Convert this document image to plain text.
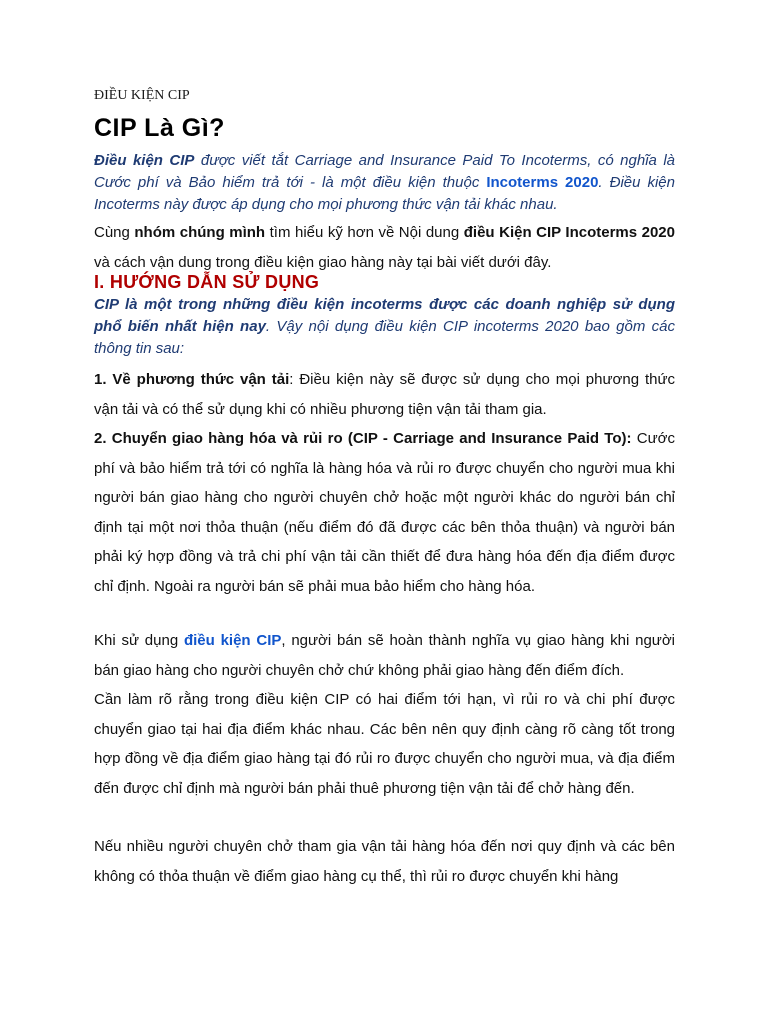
ĐIỀU KIỆN CIP
CIP Là Gì?

Điều kiện CIP được viết tắt Carriage and Insurance Paid To Incoterms, có nghĩa là Cước phí và Bảo hiểm trả tới - là một điều kiện thuộc Incoterms 2020. Điều kiện Incoterms này được áp dụng cho mọi phương thức vận tải khác nhau.

Cùng nhóm chúng mình tìm hiểu kỹ hơn về Nội dung điều Kiện CIP Incoterms 2020 và cách vận dung trong điều kiện giao hàng này tại bài viết dưới đây.

I. HƯỚNG DẪN SỬ DỤNG

CIP là một trong những điều kiện incoterms được các doanh nghiệp sử dụng phổ biến nhất hiện nay. Vậy nội dụng điều kiện CIP incoterms 2020 bao gồm các thông tin sau:

1. Về phương thức vận tải: Điều kiện này sẽ được sử dụng cho mọi phương thức vận tải và có thể sử dụng khi có nhiều phương tiện vận tải tham gia.

2. Chuyển giao hàng hóa và rủi ro (CIP - Carriage and Insurance Paid To): Cước phí và bảo hiểm trả tới có nghĩa là hàng hóa và rủi ro được chuyển cho người mua khi người bán giao hàng cho người chuyên chở hoặc một người khác do người bán chỉ định tại một nơi thỏa thuận (nếu điểm đó đã được các bên thỏa thuận) và người bán phải ký hợp đồng và trả chi phí vận tải cần thiết để đưa hàng hóa đến địa điểm được chỉ định. Ngoài ra người bán sẽ phải mua bảo hiểm cho hàng hóa.

Khi sử dụng điều kiện CIP, người bán sẽ hoàn thành nghĩa vụ giao hàng khi người bán giao hàng cho người chuyên chở chứ không phải giao hàng đến điểm đích.

Cần làm rõ rằng trong điều kiện CIP có hai điểm tới hạn, vì rủi ro và chi phí được chuyển giao tại hai địa điểm khác nhau. Các bên nên quy định càng rõ càng tốt trong hợp đồng về địa điểm giao hàng tại đó rủi ro được chuyển cho người mua, và địa điểm đến được chỉ định mà người bán phải thuê phương tiện vận tải để chở hàng đến.

Nếu nhiều người chuyên chở tham gia vận tải hàng hóa đến nơi quy định và các bên không có thỏa thuận về điểm giao hàng cụ thể, thì rủi ro được chuyển khi hàng
